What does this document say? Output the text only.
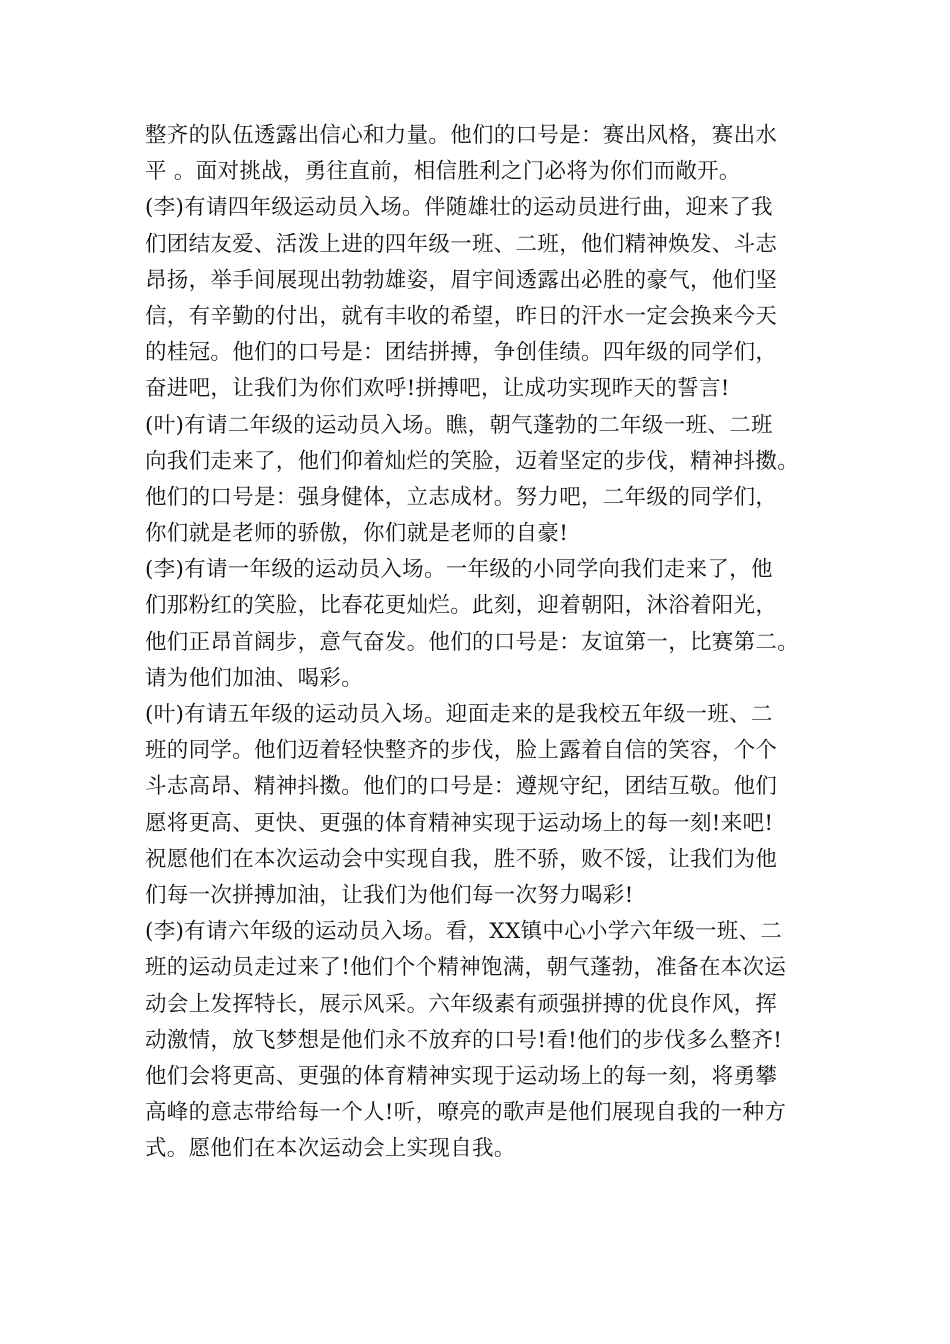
整齐的队伍透露出信心和力量。他们的口号是：赛出风格，赛出水
平 。面对挑战，勇往直前，相信胜利之门必将为你们而敞开。
(李)有请四年级运动员入场。伴随雄壮的运动员进行曲，迎来了我
们团结友爱、活泼上进的四年级一班、二班，他们精神焕发、斗志
昂扬，举手间展现出勃勃雄姿，眉宇间透露出必胜的豪气，他们坚
信，有辛勤的付出，就有丰收的希望，昨日的汗水一定会换来今天
的桂冠。他们的口号是：团结拼搏，争创佳绩。四年级的同学们，
奋进吧，让我们为你们欢呼!拼搏吧，让成功实现昨天的誓言!
(叶)有请二年级的运动员入场。瞧，朝气蓬勃的二年级一班、二班
向我们走来了，他们仰着灿烂的笑脸，迈着坚定的步伐，精神抖擞。
他们的口号是：强身健体，立志成材。努力吧，二年级的同学们，
你们就是老师的骄傲，你们就是老师的自豪!
(李)有请一年级的运动员入场。一年级的小同学向我们走来了，他
们那粉红的笑脸，比春花更灿烂。此刻，迎着朝阳，沐浴着阳光，
他们正昂首阔步，意气奋发。他们的口号是：友谊第一，比赛第二。
请为他们加油、喝彩。
(叶)有请五年级的运动员入场。迎面走来的是我校五年级一班、二
班的同学。他们迈着轻快整齐的步伐，脸上露着自信的笑容，个个
斗志高昂、精神抖擞。他们的口号是：遵规守纪，团结互敬。他们
愿将更高、更快、更强的体育精神实现于运动场上的每一刻!来吧!
祝愿他们在本次运动会中实现自我，胜不骄，败不馁，让我们为他
们每一次拼搏加油，让我们为他们每一次努力喝彩!
(李)有请六年级的运动员入场。看，XX镇中心小学六年级一班、二
班的运动员走过来了!他们个个精神饱满，朝气蓬勃，准备在本次运
动会上发挥特长，展示风采。六年级素有顽强拼搏的优良作风，挥
动激情，放飞梦想是他们永不放弃的口号!看!他们的步伐多么整齐!
他们会将更高、更强的体育精神实现于运动场上的每一刻，将勇攀
高峰的意志带给每一个人!听，嘹亮的歌声是他们展现自我的一种方
式。愿他们在本次运动会上实现自我。
